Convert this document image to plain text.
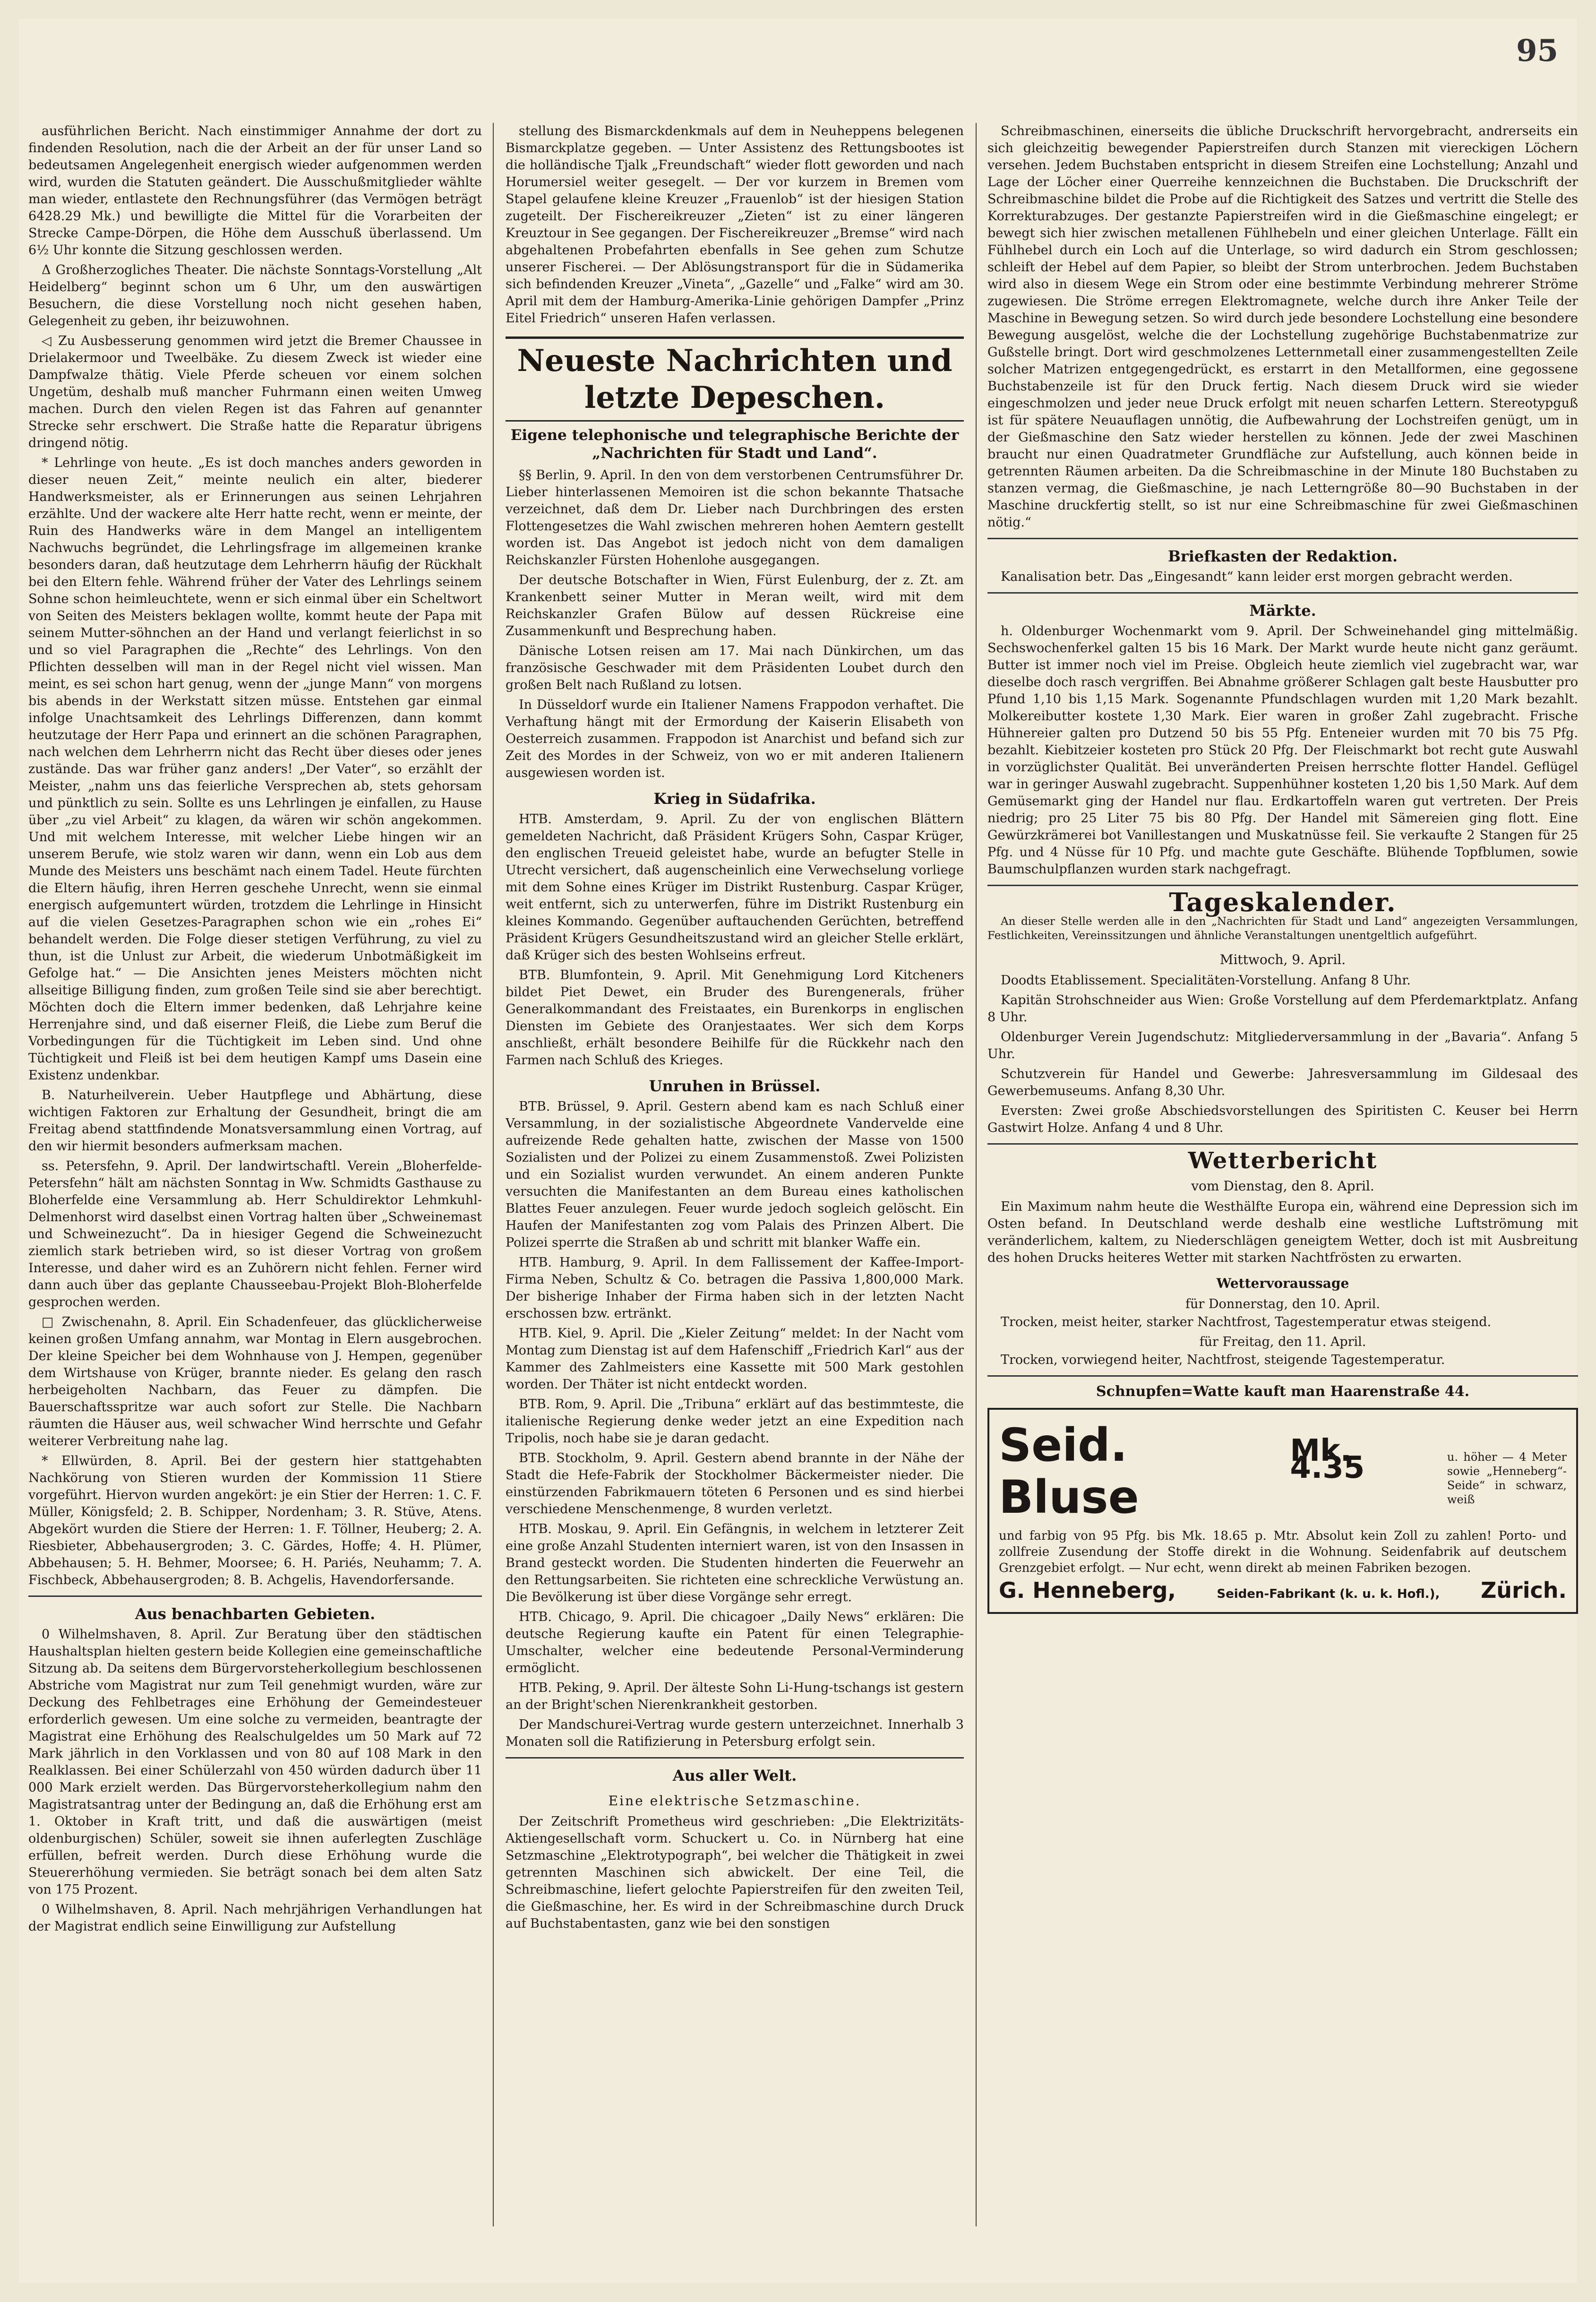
95

ausführlichen Bericht. Nach einstimmiger Annahme der dort zu findenden Resolution, nach die der Arbeit an der für unser Land so bedeutsamen Angelegenheit energisch wieder aufgenommen werden wird, wurden die Statuten geändert. Die Ausschußmitglieder wählte man wieder, entlastete den Rechnungsführer (das Vermögen beträgt 6428.29 Mk.) und bewilligte die Mittel für die Vorarbeiten der Strecke Campe-Dörpen, die Höhe dem Ausschuß überlassend. Um 6½ Uhr konnte die Sitzung geschlossen werden.

Δ Großherzogliches Theater. Die nächste Sonntags-Vorstellung „Alt Heidelberg“ beginnt schon um 6 Uhr, um den auswärtigen Besuchern, die diese Vorstellung noch nicht gesehen haben, Gelegenheit zu geben, ihr beizuwohnen.

◁ Zu Ausbesserung genommen wird jetzt die Bremer Chaussee in Drielakermoor und Tweelbäke. Zu diesem Zweck ist wieder eine Dampfwalze thätig. Viele Pferde scheuen vor einem solchen Ungetüm, deshalb muß mancher Fuhrmann einen weiten Umweg machen. Durch den vielen Regen ist das Fahren auf genannter Strecke sehr erschwert. Die Straße hatte die Reparatur übrigens dringend nötig.

* Lehrlinge von heute. „Es ist doch manches anders geworden in dieser neuen Zeit,“ meinte neulich ein alter, biederer Handwerksmeister, als er Erinnerungen aus seinen Lehrjahren erzählte. Und der wackere alte Herr hatte recht, wenn er meinte, der Ruin des Handwerks wäre in dem Mangel an intelligentem Nachwuchs begründet, die Lehrlingsfrage im allgemeinen kranke besonders daran, daß heutzutage dem Lehrherrn häufig der Rückhalt bei den Eltern fehle. Während früher der Vater des Lehrlings seinem Sohne schon heimleuchtete, wenn er sich einmal über ein Scheltwort von Seiten des Meisters beklagen wollte, kommt heute der Papa mit seinem Mutter-söhnchen an der Hand und verlangt feierlichst in so und so viel Paragraphen die „Rechte“ des Lehrlings. Von den Pflichten desselben will man in der Regel nicht viel wissen. Man meint, es sei schon hart genug, wenn der „junge Mann“ von morgens bis abends in der Werkstatt sitzen müsse. Entstehen gar einmal infolge Unachtsamkeit des Lehrlings Differenzen, dann kommt heutzutage der Herr Papa und erinnert an die schönen Paragraphen, nach welchen dem Lehrherrn nicht das Recht über dieses oder jenes zustände. Das war früher ganz anders! „Der Vater“, so erzählt der Meister, „nahm uns das feierliche Versprechen ab, stets gehorsam und pünktlich zu sein. Sollte es uns Lehrlingen je einfallen, zu Hause über „zu viel Arbeit“ zu klagen, da wären wir schön angekommen. Und mit welchem Interesse, mit welcher Liebe hingen wir an unserem Berufe, wie stolz waren wir dann, wenn ein Lob aus dem Munde des Meisters uns beschämt nach einem Tadel. Heute fürchten die Eltern häufig, ihren Herren geschehe Unrecht, wenn sie einmal energisch aufgemuntert würden, trotzdem die Lehrlinge in Hinsicht auf die vielen Gesetzes-Paragraphen schon wie ein „rohes Ei“ behandelt werden. Die Folge dieser stetigen Verführung, zu viel zu thun, ist die Unlust zur Arbeit, die wiederum Unbotmäßigkeit im Gefolge hat.“ — Die Ansichten jenes Meisters möchten nicht allseitige Billigung finden, zum großen Teile sind sie aber berechtigt. Möchten doch die Eltern immer bedenken, daß Lehrjahre keine Herrenjahre sind, und daß eiserner Fleiß, die Liebe zum Beruf die Vorbedingungen für die Tüchtigkeit im Leben sind. Und ohne Tüchtigkeit und Fleiß ist bei dem heutigen Kampf ums Dasein eine Existenz undenkbar.

B. Naturheilverein. Ueber Hautpflege und Abhärtung, diese wichtigen Faktoren zur Erhaltung der Gesundheit, bringt die am Freitag abend stattfindende Monatsversammlung einen Vortrag, auf den wir hiermit besonders aufmerksam machen.

ss. Petersfehn, 9. April. Der landwirtschaftl. Verein „Bloherfelde-Petersfehn“ hält am nächsten Sonntag in Ww. Schmidts Gasthause zu Bloherfelde eine Versammlung ab. Herr Schuldirektor Lehmkuhl-Delmenhorst wird daselbst einen Vortrag halten über „Schweinemast und Schweinezucht“. Da in hiesiger Gegend die Schweinezucht ziemlich stark betrieben wird, so ist dieser Vortrag von großem Interesse, und daher wird es an Zuhörern nicht fehlen. Ferner wird dann auch über das geplante Chausseebau-Projekt Bloh-Bloherfelde gesprochen werden.

□ Zwischenahn, 8. April. Ein Schadenfeuer, das glücklicherweise keinen großen Umfang annahm, war Montag in Elern ausgebrochen. Der kleine Speicher bei dem Wohnhause von J. Hempen, gegenüber dem Wirtshause von Krüger, brannte nieder. Es gelang den rasch herbeigeholten Nachbarn, das Feuer zu dämpfen. Die Bauerschaftsspritze war auch sofort zur Stelle. Die Nachbarn räumten die Häuser aus, weil schwacher Wind herrschte und Gefahr weiterer Verbreitung nahe lag.

* Ellwürden, 8. April. Bei der gestern hier stattgehabten Nachkörung von Stieren wurden der Kommission 11 Stiere vorgeführt. Hiervon wurden angekört: je ein Stier der Herren: 1. C. F. Müller, Königsfeld; 2. B. Schipper, Nordenham; 3. R. Stüve, Atens. Abgekört wurden die Stiere der Herren: 1. F. Töllner, Heuberg; 2. A. Riesbieter, Abbehausergroden; 3. C. Gärdes, Hoffe; 4. H. Plümer, Abbehausen; 5. H. Behmer, Moorsee; 6. H. Pariés, Neuhamm; 7. A. Fischbeck, Abbehausergroden; 8. B. Achgelis, Havendorfersande.

Aus benachbarten Gebieten.

0 Wilhelmshaven, 8. April. Zur Beratung über den städtischen Haushaltsplan hielten gestern beide Kollegien eine gemeinschaftliche Sitzung ab. Da seitens dem Bürgervorsteherkollegium beschlossenen Abstriche vom Magistrat nur zum Teil genehmigt wurden, wäre zur Deckung des Fehlbetrages eine Erhöhung der Gemeindesteuer erforderlich gewesen. Um eine solche zu vermeiden, beantragte der Magistrat eine Erhöhung des Realschulgeldes um 50 Mark auf 72 Mark jährlich in den Vorklassen und von 80 auf 108 Mark in den Realklassen. Bei einer Schülerzahl von 450 würden dadurch über 11 000 Mark erzielt werden. Das Bürgervorsteherkollegium nahm den Magistratsantrag unter der Bedingung an, daß die Erhöhung erst am 1. Oktober in Kraft tritt, und daß die auswärtigen (meist oldenburgischen) Schüler, soweit sie ihnen auferlegten Zuschläge erfüllen, befreit werden. Durch diese Erhöhung wurde die Steuererhöhung vermieden. Sie beträgt sonach bei dem alten Satz von 175 Prozent.

0 Wilhelmshaven, 8. April. Nach mehrjährigen Verhandlungen hat der Magistrat endlich seine Einwilligung zur Aufstellung

stellung des Bismarckdenkmals auf dem in Neuheppens belegenen Bismarckplatze gegeben. — Unter Assistenz des Rettungsbootes ist die holländische Tjalk „Freundschaft“ wieder flott geworden und nach Horumersiel weiter gesegelt. — Der vor kurzem in Bremen vom Stapel gelaufene kleine Kreuzer „Frauenlob“ ist der hiesigen Station zugeteilt. Der Fischereikreuzer „Zieten“ ist zu einer längeren Kreuztour in See gegangen. Der Fischereikreuzer „Bremse“ wird nach abgehaltenen Probefahrten ebenfalls in See gehen zum Schutze unserer Fischerei. — Der Ablösungstransport für die in Südamerika sich befindenden Kreuzer „Vineta“, „Gazelle“ und „Falke“ wird am 30. April mit dem der Hamburg-Amerika-Linie gehörigen Dampfer „Prinz Eitel Friedrich“ unseren Hafen verlassen.

Neueste Nachrichten und letzte Depeschen.
Eigene telephonische und telegraphische Berichte der „Nachrichten für Stadt und Land“.

§§ Berlin, 9. April. In den von dem verstorbenen Centrumsführer Dr. Lieber hinterlassenen Memoiren ist die schon bekannte Thatsache verzeichnet, daß dem Dr. Lieber nach Durchbringen des ersten Flottengesetzes die Wahl zwischen mehreren hohen Aemtern gestellt worden ist. Das Angebot ist jedoch nicht von dem damaligen Reichskanzler Fürsten Hohenlohe ausgegangen.

Der deutsche Botschafter in Wien, Fürst Eulenburg, der z. Zt. am Krankenbett seiner Mutter in Meran weilt, wird mit dem Reichskanzler Grafen Bülow auf dessen Rückreise eine Zusammenkunft und Besprechung haben.

Dänische Lotsen reisen am 17. Mai nach Dünkirchen, um das französische Geschwader mit dem Präsidenten Loubet durch den großen Belt nach Rußland zu lotsen.

In Düsseldorf wurde ein Italiener Namens Frappodon verhaftet. Die Verhaftung hängt mit der Ermordung der Kaiserin Elisabeth von Oesterreich zusammen. Frappodon ist Anarchist und befand sich zur Zeit des Mordes in der Schweiz, von wo er mit anderen Italienern ausgewiesen worden ist.

Krieg in Südafrika.

HTB. Amsterdam, 9. April. Zu der von englischen Blättern gemeldeten Nachricht, daß Präsident Krügers Sohn, Caspar Krüger, den englischen Treueid geleistet habe, wurde an befugter Stelle in Utrecht versichert, daß augenscheinlich eine Verwechselung vorliege mit dem Sohne eines Krüger im Distrikt Rustenburg. Caspar Krüger, weit entfernt, sich zu unterwerfen, führe im Distrikt Rustenburg ein kleines Kommando. Gegenüber auftauchenden Gerüchten, betreffend Präsident Krügers Gesundheitszustand wird an gleicher Stelle erklärt, daß Krüger sich des besten Wohlseins erfreut.

BTB. Blumfontein, 9. April. Mit Genehmigung Lord Kitcheners bildet Piet Dewet, ein Bruder des Burengenerals, früher Generalkommandant des Freistaates, ein Burenkorps in englischen Diensten im Gebiete des Oranjestaates. Wer sich dem Korps anschließt, erhält besondere Beihilfe für die Rückkehr nach den Farmen nach Schluß des Krieges.

Unruhen in Brüssel.

BTB. Brüssel, 9. April. Gestern abend kam es nach Schluß einer Versammlung, in der sozialistische Abgeordnete Vandervelde eine aufreizende Rede gehalten hatte, zwischen der Masse von 1500 Sozialisten und der Polizei zu einem Zusammenstoß. Zwei Polizisten und ein Sozialist wurden verwundet. An einem anderen Punkte versuchten die Manifestanten an dem Bureau eines katholischen Blattes Feuer anzulegen. Feuer wurde jedoch sogleich gelöscht. Ein Haufen der Manifestanten zog vom Palais des Prinzen Albert. Die Polizei sperrte die Straßen ab und schritt mit blanker Waffe ein.

HTB. Hamburg, 9. April. In dem Fallissement der Kaffee-Import-Firma Neben, Schultz & Co. betragen die Passiva 1,800,000 Mark. Der bisherige Inhaber der Firma haben sich in der letzten Nacht erschossen bzw. ertränkt.

HTB. Kiel, 9. April. Die „Kieler Zeitung“ meldet: In der Nacht vom Montag zum Dienstag ist auf dem Hafenschiff „Friedrich Karl“ aus der Kammer des Zahlmeisters eine Kassette mit 500 Mark gestohlen worden. Der Thäter ist nicht entdeckt worden.

BTB. Rom, 9. April. Die „Tribuna“ erklärt auf das bestimmteste, die italienische Regierung denke weder jetzt an eine Expedition nach Tripolis, noch habe sie je daran gedacht.

BTB. Stockholm, 9. April. Gestern abend brannte in der Nähe der Stadt die Hefe-Fabrik der Stockholmer Bäckermeister nieder. Die einstürzenden Fabrikmauern töteten 6 Personen und es sind hierbei verschiedene Menschenmenge, 8 wurden verletzt.

HTB. Moskau, 9. April. Ein Gefängnis, in welchem in letzterer Zeit eine große Anzahl Studenten interniert waren, ist von den Insassen in Brand gesteckt worden. Die Studenten hinderten die Feuerwehr an den Rettungsarbeiten. Sie richteten eine schreckliche Verwüstung an. Die Bevölkerung ist über diese Vorgänge sehr erregt.

HTB. Chicago, 9. April. Die chicagoer „Daily News“ erklären: Die deutsche Regierung kaufte ein Patent für einen Telegraphie-Umschalter, welcher eine bedeutende Personal-Verminderung ermöglicht.

HTB. Peking, 9. April. Der älteste Sohn Li-Hung-tschangs ist gestern an der Bright'schen Nierenkrankheit gestorben.

Der Mandschurei-Vertrag wurde gestern unterzeichnet. Innerhalb 3 Monaten soll die Ratifizierung in Petersburg erfolgt sein.

Aus aller Welt.
Eine elektrische Setzmaschine.

Der Zeitschrift Prometheus wird geschrieben: „Die Elektrizitäts-Aktiengesellschaft vorm. Schuckert u. Co. in Nürnberg hat eine Setzmaschine „Elektrotypograph“, bei welcher die Thätigkeit in zwei getrennten Maschinen sich abwickelt. Der eine Teil, die Schreibmaschine, liefert gelochte Papierstreifen für den zweiten Teil, die Gießmaschine, her. Es wird in der Schreibmaschine durch Druck auf Buchstabentasten, ganz wie bei den sonstigen

Schreibmaschinen, einerseits die übliche Druckschrift hervorgebracht, andrerseits ein sich gleichzeitig bewegender Papierstreifen durch Stanzen mit viereckigen Löchern versehen. Jedem Buchstaben entspricht in diesem Streifen eine Lochstellung; Anzahl und Lage der Löcher einer Querreihe kennzeichnen die Buchstaben. Die Druckschrift der Schreibmaschine bildet die Probe auf die Richtigkeit des Satzes und vertritt die Stelle des Korrekturabzuges. Der gestanzte Papierstreifen wird in die Gießmaschine eingelegt; er bewegt sich hier zwischen metallenen Fühlhebeln und einer gleichen Unterlage. Fällt ein Fühlhebel durch ein Loch auf die Unterlage, so wird dadurch ein Strom geschlossen; schleift der Hebel auf dem Papier, so bleibt der Strom unterbrochen. Jedem Buchstaben wird also in diesem Wege ein Strom oder eine bestimmte Verbindung mehrerer Ströme zugewiesen. Die Ströme erregen Elektromagnete, welche durch ihre Anker Teile der Maschine in Bewegung setzen. So wird durch jede besondere Lochstellung eine besondere Bewegung ausgelöst, welche die der Lochstellung zugehörige Buchstabenmatrize zur Gußstelle bringt. Dort wird geschmolzenes Letternmetall einer zusammengestellten Zeile solcher Matrizen entgegengedrückt, es erstarrt in den Metallformen, eine gegossene Buchstabenzeile ist für den Druck fertig. Nach diesem Druck wird sie wieder eingeschmolzen und jeder neue Druck erfolgt mit neuen scharfen Lettern. Stereotypguß ist für spätere Neuauflagen unnötig, die Aufbewahrung der Lochstreifen genügt, um in der Gießmaschine den Satz wieder herstellen zu können. Jede der zwei Maschinen braucht nur einen Quadratmeter Grundfläche zur Aufstellung, auch können beide in getrennten Räumen arbeiten. Da die Schreibmaschine in der Minute 180 Buchstaben zu stanzen vermag, die Gießmaschine, je nach Letterngröße 80—90 Buchstaben in der Maschine druckfertig stellt, so ist nur eine Schreibmaschine für zwei Gießmaschinen nötig.“

Briefkasten der Redaktion.

Kanalisation betr. Das „Eingesandt“ kann leider erst morgen gebracht werden.

Märkte.

h. Oldenburger Wochenmarkt vom 9. April. Der Schweinehandel ging mittelmäßig. Sechswochenferkel galten 15 bis 16 Mark. Der Markt wurde heute nicht ganz geräumt. Butter ist immer noch viel im Preise. Obgleich heute ziemlich viel zugebracht war, war dieselbe doch rasch vergriffen. Bei Abnahme größerer Schlagen galt beste Hausbutter pro Pfund 1,10 bis 1,15 Mark. Sogenannte Pfundschlagen wurden mit 1,20 Mark bezahlt. Molkereibutter kostete 1,30 Mark. Eier waren in großer Zahl zugebracht. Frische Hühnereier galten pro Dutzend 50 bis 55 Pfg. Enteneier wurden mit 70 bis 75 Pfg. bezahlt. Kiebitzeier kosteten pro Stück 20 Pfg. Der Fleischmarkt bot recht gute Auswahl in vorzüglichster Qualität. Bei unveränderten Preisen herrschte flotter Handel. Geflügel war in geringer Auswahl zugebracht. Suppenhühner kosteten 1,20 bis 1,50 Mark. Auf dem Gemüsemarkt ging der Handel nur flau. Erdkartoffeln waren gut vertreten. Der Preis niedrig; pro 25 Liter 75 bis 80 Pfg. Der Handel mit Sämereien ging flott. Eine Gewürzkrämerei bot Vanillestangen und Muskatnüsse feil. Sie verkaufte 2 Stangen für 25 Pfg. und 4 Nüsse für 10 Pfg. und machte gute Geschäfte. Blühende Topfblumen, sowie Baumschulpflanzen wurden stark nachgefragt.

Tageskalender.

An dieser Stelle werden alle in den „Nachrichten für Stadt und Land“ angezeigten Versammlungen, Festlichkeiten, Vereinssitzungen und ähnliche Veranstaltungen unentgeltlich aufgeführt.

Mittwoch, 9. April.

Doodts Etablissement. Specialitäten-Vorstellung. Anfang 8 Uhr.

Kapitän Strohschneider aus Wien: Große Vorstellung auf dem Pferdemarktplatz. Anfang 8 Uhr.

Oldenburger Verein Jugendschutz: Mitgliederversammlung in der „Bavaria“. Anfang 5 Uhr.

Schutzverein für Handel und Gewerbe: Jahresversammlung im Gildesaal des Gewerbemuseums. Anfang 8,30 Uhr.

Eversten: Zwei große Abschiedsvorstellungen des Spiritisten C. Keuser bei Herrn Gastwirt Holze. Anfang 4 und 8 Uhr.

Wetterbericht
vom Dienstag, den 8. April.

Ein Maximum nahm heute die Westhälfte Europa ein, während eine Depression sich im Osten befand. In Deutschland werde deshalb eine westliche Luftströmung mit veränderlichem, kaltem, zu Niederschlägen geneigtem Wetter, doch ist mit Ausbreitung des hohen Drucks heiteres Wetter mit starken Nachtfrösten zu erwarten.

Wettervoraussage
für Donnerstag, den 10. April.

Trocken, meist heiter, starker Nachtfrost, Tagestemperatur etwas steigend.

für Freitag, den 11. April.

Trocken, vorwiegend heiter, Nachtfrost, steigende Tagestemperatur.

Schnupfen=Watte kauft man Haarenstraße 44.
Seid. Bluse
Mk. 4.35	u. höher — 4 Meter sowie „Henneberg“-Seide“ in schwarz, weiß
und farbig von 95 Pfg. bis Mk. 18.65 p. Mtr. Absolut kein Zoll zu zahlen! Porto- und zollfreie Zusendung der Stoffe direkt in die Wohnung. Seidenfabrik auf deutschem Grenzgebiet erfolgt. — Nur echt, wenn direkt ab meinen Fabriken bezogen.
G. Henneberg,	Seiden-Fabrikant (k. u. k. Hofl.), Zürich.
